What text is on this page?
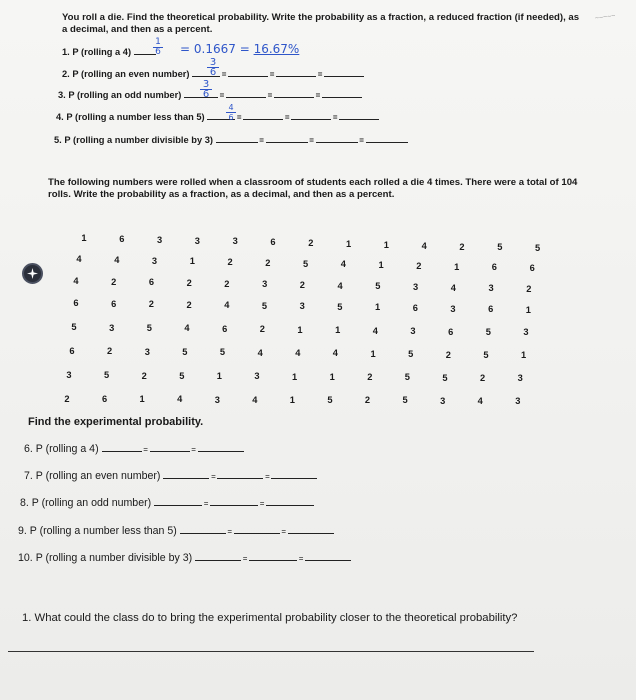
~~~~~
You roll a die. Find the theoretical probability. Write the probability as a fraction, a reduced fraction (if needed), as a decimal, and then as a percent.
1. P (rolling a 4)
1
6 = 0.1667 = 16.67%
2. P (rolling an even number)	=	=	=
3
6
3. P (rolling an odd number)	=	=	=
3
6
4. P (rolling a number less than 5)	=	=	=
4
6
5. P (rolling a number divisible by 3)	=	=	=
The following numbers were rolled when a classroom of students each rolled a die 4 times. There were a total of 104 rolls. Write the probability as a fraction, as a decimal, and then as a percent.
1	6	3	3	3	6	2	1	1	4	2	5	5
4	4	3	1	2	2	5	4	1	2	1	6	6
4	2	6	2	2	3	2	4	5	3	4	3	2
6	6	2	2	4	5	3	5	1	6	3	6	1
5	3	5	4	6	2	1	1	4	3	6	5	3
6	2	3	5	5	4	4	4	1	5	2	5	1
3	5	2	5	1	3	1	1	2	5	5	2	3
2	6	1	4	3	4	1	5	2	5	3	4	3
Find the experimental probability.
6. P (rolling a 4)	=	=
7. P (rolling an even number)	=	=
8. P (rolling an odd number)	=	=
9. P (rolling a number less than 5)	=	=
10. P (rolling a number divisible by 3)	=	=
1. What could the class do to bring the experimental probability closer to the theoretical probability?
